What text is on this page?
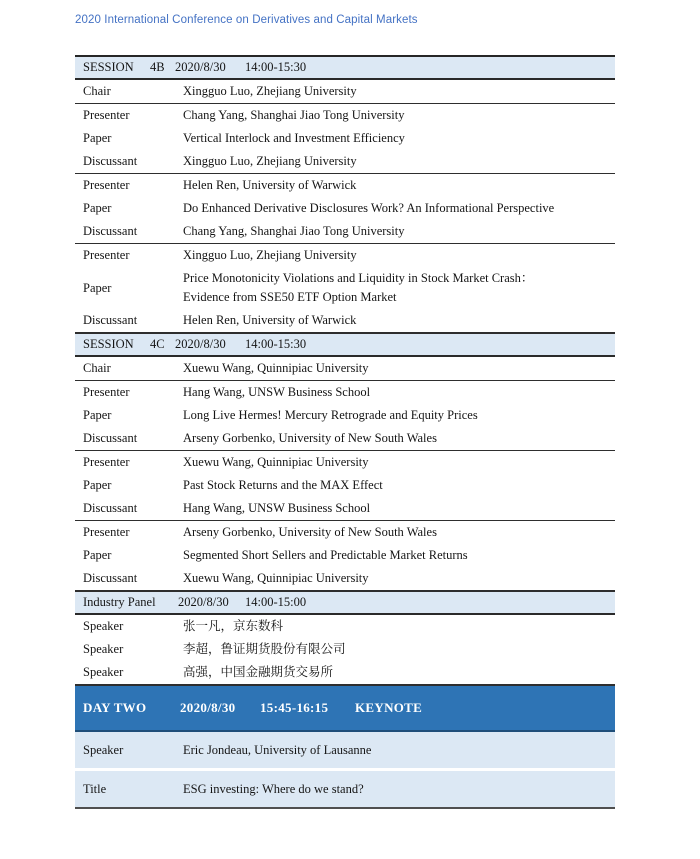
2020 International Conference on Derivatives and Capital Markets
SESSION	4B 2020/8/30	14:00-15:30
Chair	Xingguo Luo, Zhejiang University
Presenter	Chang Yang, Shanghai Jiao Tong University
Paper	Vertical Interlock and Investment Efficiency
Discussant	Xingguo Luo, Zhejiang University
Presenter	Helen Ren, University of Warwick
Paper	Do Enhanced Derivative Disclosures Work? An Informational Perspective
Discussant	Chang Yang, Shanghai Jiao Tong University
Presenter	Xingguo Luo, Zhejiang University
Paper
Price Monotonicity Violations and Liquidity in Stock Market Crash：
Evidence from SSE50 ETF Option Market
Discussant	Helen Ren, University of Warwick
SESSION	4C 2020/8/30	14:00-15:30
Chair	Xuewu Wang, Quinnipiac University
Presenter	Hang Wang, UNSW Business School
Paper	Long Live Hermes! Mercury Retrograde and Equity Prices
Discussant	Arseny Gorbenko, University of New South Wales
Presenter	Xuewu Wang, Quinnipiac University
Paper	Past Stock Returns and the MAX Effect
Discussant	Hang Wang, UNSW Business School
Presenter	Arseny Gorbenko, University of New South Wales
Paper	Segmented Short Sellers and Predictable Market Returns
Discussant	Xuewu Wang, Quinnipiac University
Industry Panel	2020/8/30	14:00-15:00
Speaker	张一凡，京东数科
Speaker	李超，鲁证期货股份有限公司
Speaker	高强，中国金融期货交易所
DAY TWO	2020/8/30	15:45-16:15	KEYNOTE
Speaker	Eric Jondeau, University of Lausanne
Title	ESG investing: Where do we stand?
